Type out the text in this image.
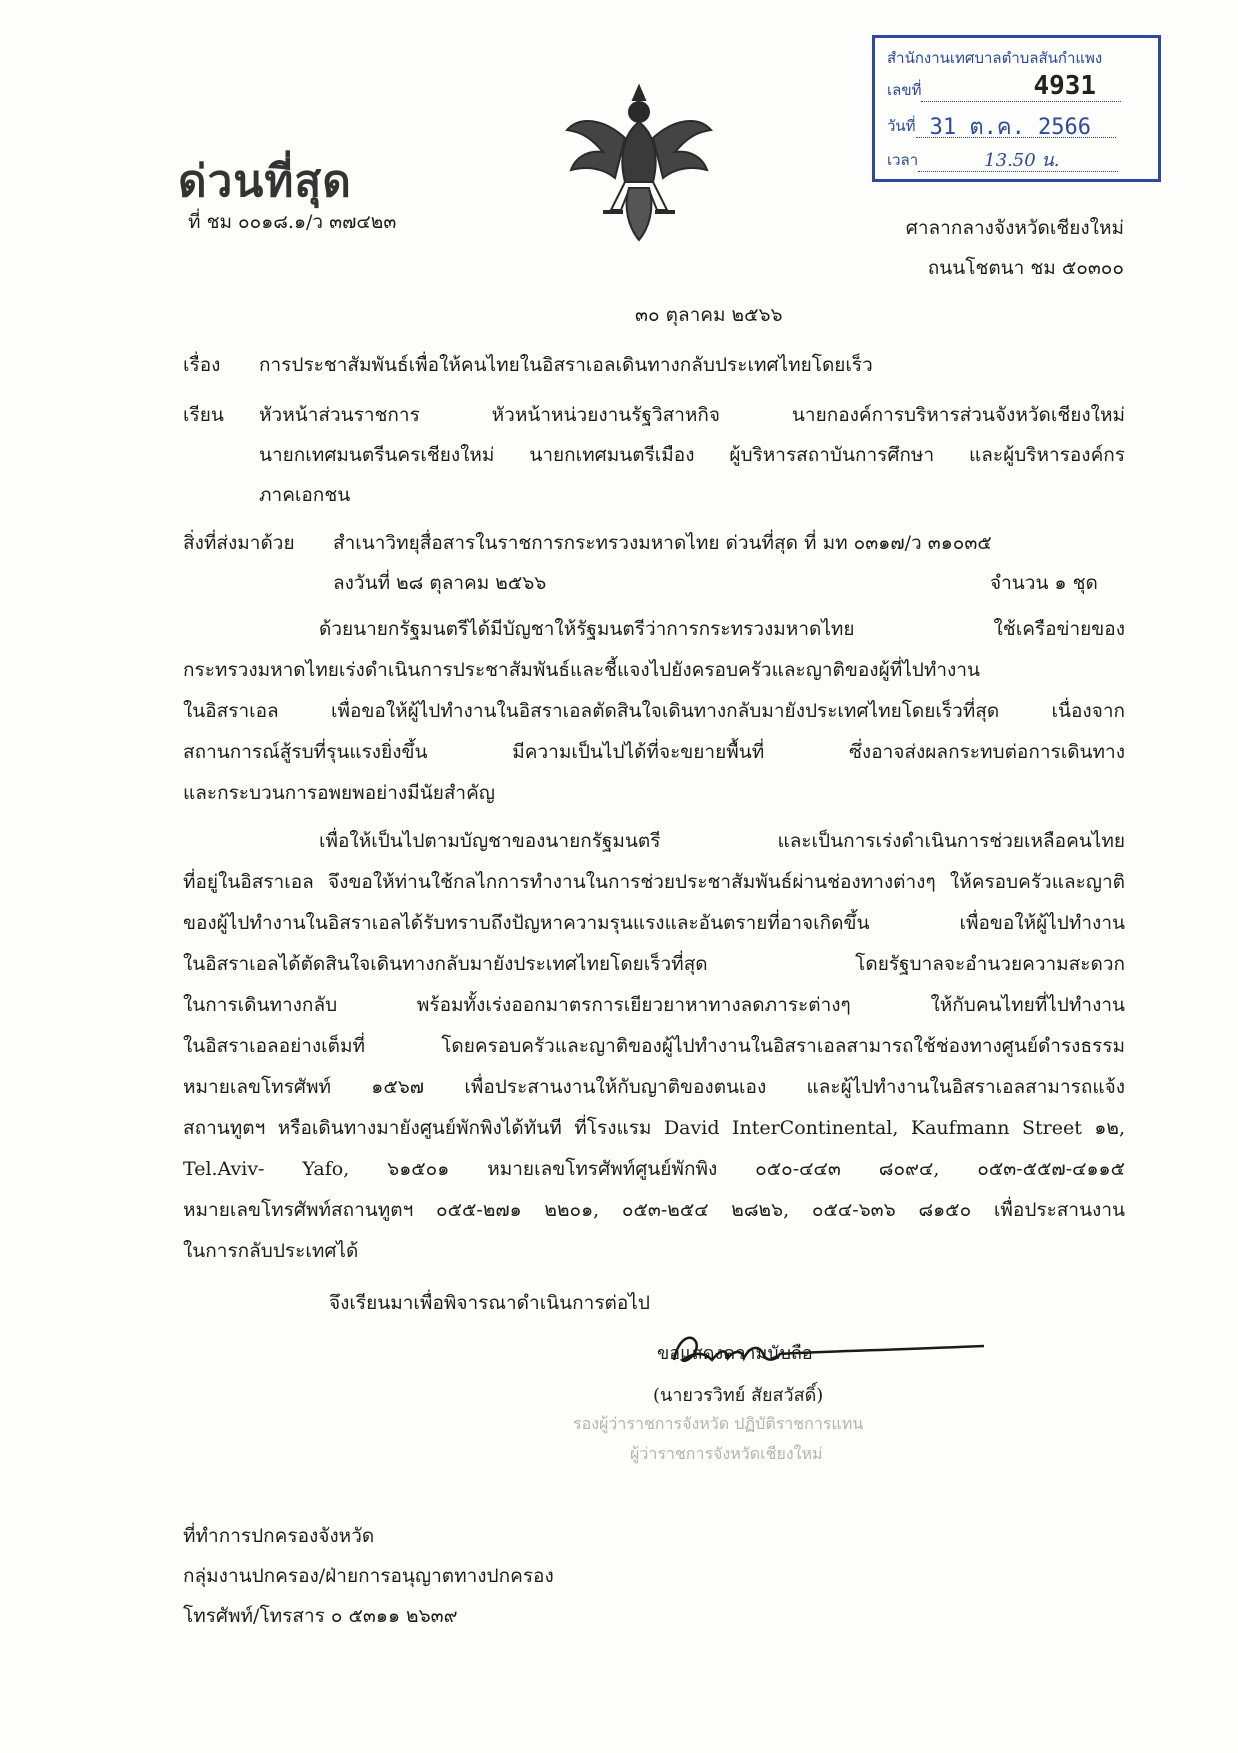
ด่วนที่สุด
ที่ ชม ๐๐๑๘.๑/ว ๓๗๔๒๓
สำนักงานเทศบาลตำบลสันกำแพง
เลขที่	4931
วันที่ 31 ต.ค. 2566
เวลา	13.50 น.
ศาลากลางจังหวัดเชียงใหม่
ถนนโชตนา ชม ๕๐๓๐๐
๓๐ ตุลาคม ๒๕๖๖
เรื่อง การประชาสัมพันธ์เพื่อให้คนไทยในอิสราเอลเดินทางกลับประเทศไทยโดยเร็ว
เรียน หัวหน้าส่วนราชการ หัวหน้าหน่วยงานรัฐวิสาหกิจ นายกองค์การบริหารส่วนจังหวัดเชียงใหม่
นายกเทศมนตรีนครเชียงใหม่ นายกเทศมนตรีเมือง ผู้บริหารสถาบันการศึกษา และผู้บริหารองค์กร
ภาคเอกชน
สิ่งที่ส่งมาด้วย สำเนาวิทยุสื่อสารในราชการกระทรวงมหาดไทย ด่วนที่สุด ที่ มท ๐๓๑๗/ว ๓๑๐๓๕
ลงวันที่ ๒๘ ตุลาคม ๒๕๖๖	จำนวน ๑ ชุด
ด้วยนายกรัฐมนตรีได้มีบัญชาให้รัฐมนตรีว่าการกระทรวงมหาดไทย ใช้เครือข่ายของ
กระทรวงมหาดไทยเร่งดำเนินการประชาสัมพันธ์และชี้แจงไปยังครอบครัวและญาติของผู้ที่ไปทำงาน
ในอิสราเอล เพื่อขอให้ผู้ไปทำงานในอิสราเอลตัดสินใจเดินทางกลับมายังประเทศไทยโดยเร็วที่สุด เนื่องจาก
สถานการณ์สู้รบที่รุนแรงยิ่งขึ้น มีความเป็นไปได้ที่จะขยายพื้นที่ ซึ่งอาจส่งผลกระทบต่อการเดินทาง
และกระบวนการอพยพอย่างมีนัยสำคัญ
เพื่อให้เป็นไปตามบัญชาของนายกรัฐมนตรี และเป็นการเร่งดำเนินการช่วยเหลือคนไทย
ที่อยู่ในอิสราเอล จึงขอให้ท่านใช้กลไกการทำงานในการช่วยประชาสัมพันธ์ผ่านช่องทางต่างๆ ให้ครอบครัวและญาติ
ของผู้ไปทำงานในอิสราเอลได้รับทราบถึงปัญหาความรุนแรงและอันตรายที่อาจเกิดขึ้น เพื่อขอให้ผู้ไปทำงาน
ในอิสราเอลได้ตัดสินใจเดินทางกลับมายังประเทศไทยโดยเร็วที่สุด โดยรัฐบาลจะอำนวยความสะดวก
ในการเดินทางกลับ พร้อมทั้งเร่งออกมาตรการเยียวยาหาทางลดภาระต่างๆ ให้กับคนไทยที่ไปทำงาน
ในอิสราเอลอย่างเต็มที่ โดยครอบครัวและญาติของผู้ไปทำงานในอิสราเอลสามารถใช้ช่องทางศูนย์ดำรงธรรม
หมายเลขโทรศัพท์ ๑๕๖๗ เพื่อประสานงานให้กับญาติของตนเอง และผู้ไปทำงานในอิสราเอลสามารถแจ้ง
สถานทูตฯ หรือเดินทางมายังศูนย์พักพิงได้ทันที ที่โรงแรม David InterContinental, Kaufmann Street ๑๒,
Tel.Aviv- Yafo, ๖๑๕๐๑ หมายเลขโทรศัพท์ศูนย์พักพิง ๐๕๐-๔๔๓ ๘๐๙๔, ๐๕๓-๕๕๗-๔๑๑๕
หมายเลขโทรศัพท์สถานทูตฯ ๐๕๕-๒๗๑ ๒๒๐๑, ๐๕๓-๒๕๔ ๒๘๒๖, ๐๕๔-๖๓๖ ๘๑๕๐ เพื่อประสานงาน
ในการกลับประเทศได้
จึงเรียนมาเพื่อพิจารณาดำเนินการต่อไป
ขอแสดงความนับถือ
(นายวรวิทย์ สัยสวัสดิ์)
รองผู้ว่าราชการจังหวัด ปฏิบัติราชการแทน
ผู้ว่าราชการจังหวัดเชียงใหม่
ที่ทำการปกครองจังหวัด
กลุ่มงานปกครอง/ฝ่ายการอนุญาตทางปกครอง
โทรศัพท์/โทรสาร ๐ ๕๓๑๑ ๒๖๓๙
